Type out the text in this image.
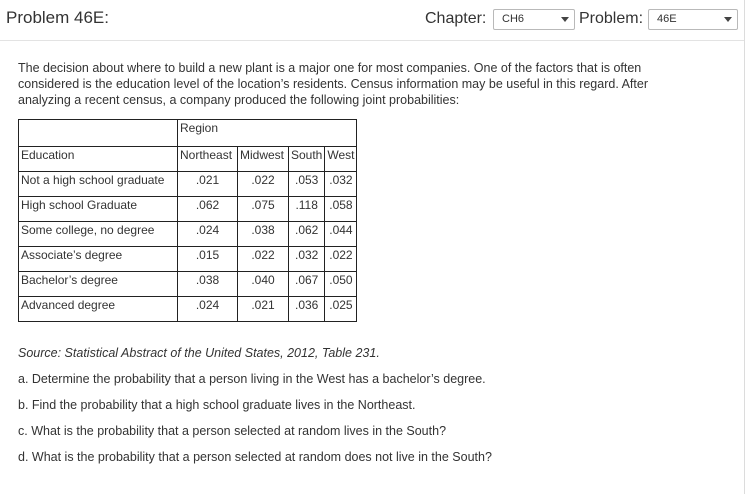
Problem 46E:	Chapter: CH6	Problem: 46E
The decision about where to build a new plant is a major one for most companies. One of the factors that is often considered is the education level of the location’s residents. Census information may be useful in this regard. After analyzing a recent census, a company produced the following joint probabilities:
	Region			
Education	Northeast	Midwest	South	West
Not a high school graduate	.021	.022	.053	.032
High school Graduate	.062	.075	.118	.058
Some college, no degree	.024	.038	.062	.044
Associate’s degree	.015	.022	.032	.022
Bachelor’s degree	.038	.040	.067	.050
Advanced degree	.024	.021	.036	.025
Source: Statistical Abstract of the United States, 2012, Table 231.
a. Determine the probability that a person living in the West has a bachelor’s degree.
b. Find the probability that a high school graduate lives in the Northeast.
c. What is the probability that a person selected at random lives in the South?
d. What is the probability that a person selected at random does not live in the South?
